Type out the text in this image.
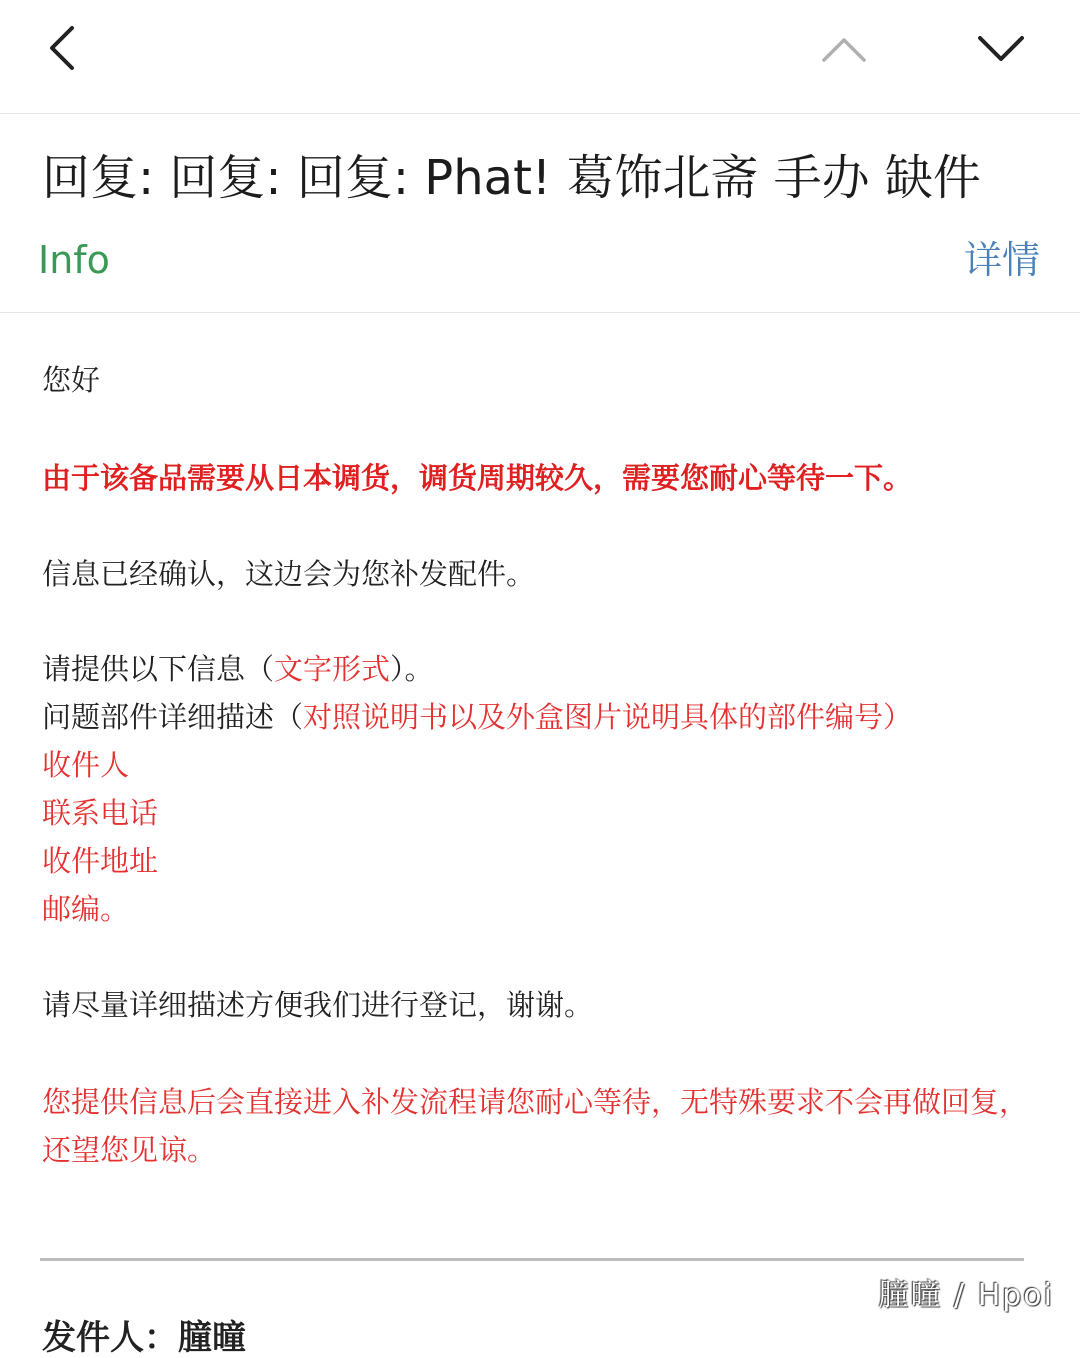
回复: 回复: 回复: Phat! 葛饰北斋 手办 缺件
Info	详情
您好
由于该备品需要从日本调货，调货周期较久，需要您耐心等待一下。
信息已经确认，这边会为您补发配件。
请提供以下信息（文字形式）。
问题部件详细描述（对照说明书以及外盒图片说明具体的部件编号）
收件人
联系电话
收件地址
邮编。
请尽量详细描述方便我们进行登记，谢谢。
您提供信息后会直接进入补发流程请您耐心等待，无特殊要求不会再做回复，还望您见谅。
发件人：朣曈
朣曈 / Hpoi
